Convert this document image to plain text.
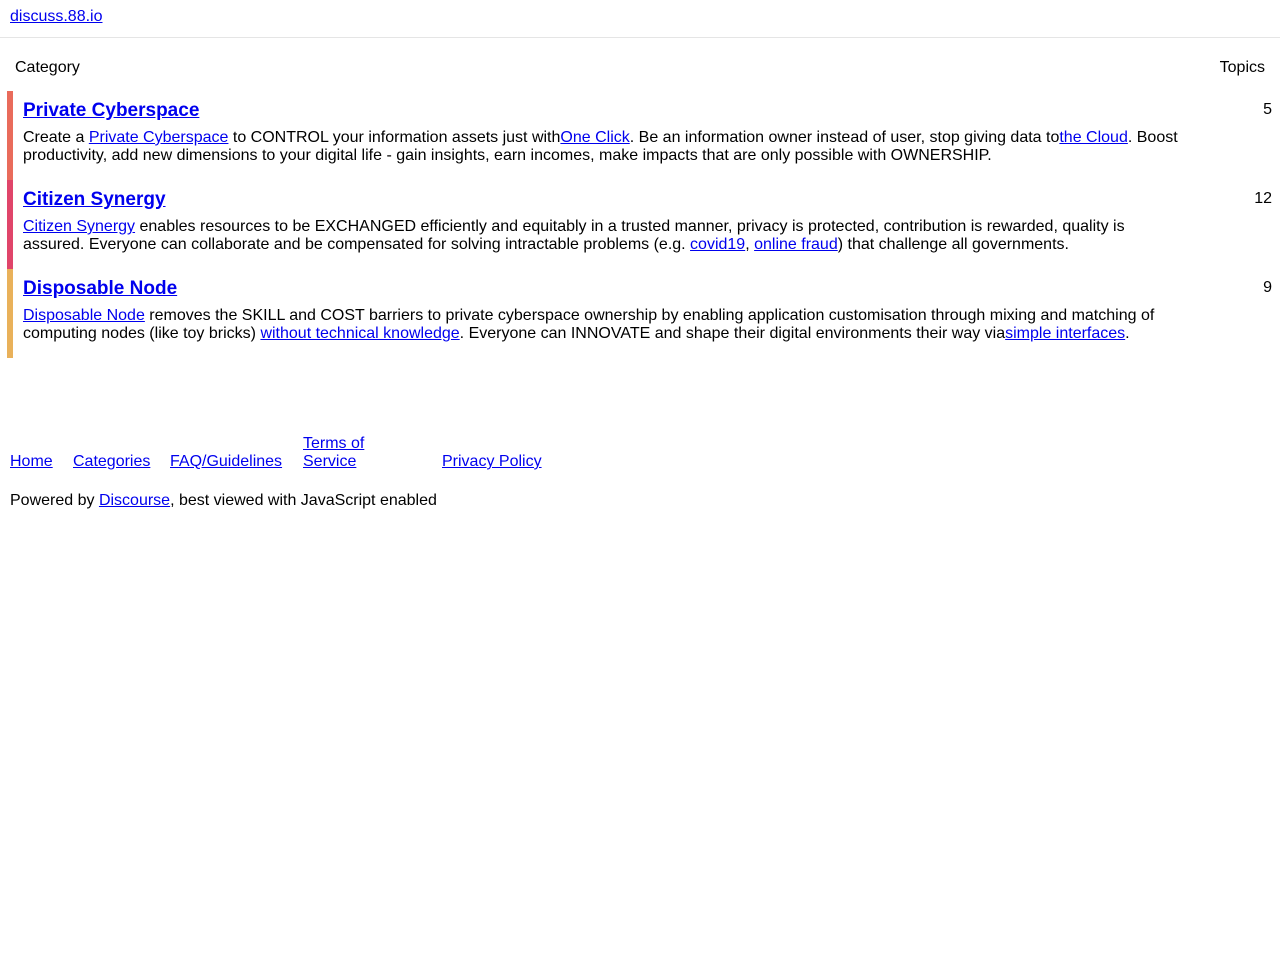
discuss.88.io
Category	Topics
Private Cyberspace
Create a Private Cyberspace to CONTROL your information assets just withOne Click. Be an information owner instead of user, stop giving data tothe Cloud. Boost productivity, add new dimensions to your digital life - gain insights, earn incomes, make impacts that are only possible with OWNERSHIP.
5
Citizen Synergy
Citizen Synergy enables resources to be EXCHANGED efficiently and equitably in a trusted manner, privacy is protected, contribution is rewarded, quality is assured. Everyone can collaborate and be compensated for solving intractable problems (e.g. covid19, online fraud) that challenge all governments.
12
Disposable Node
Disposable Node removes the SKILL and COST barriers to private cyberspace ownership by enabling application customisation through mixing and matching of computing nodes (like toy bricks) without technical knowledge. Everyone can INNOVATE and shape their digital environments their way viasimple interfaces.
9
Home Categories FAQ/Guidelines
Terms of Service	Privacy Policy
Powered by Discourse, best viewed with JavaScript enabled
